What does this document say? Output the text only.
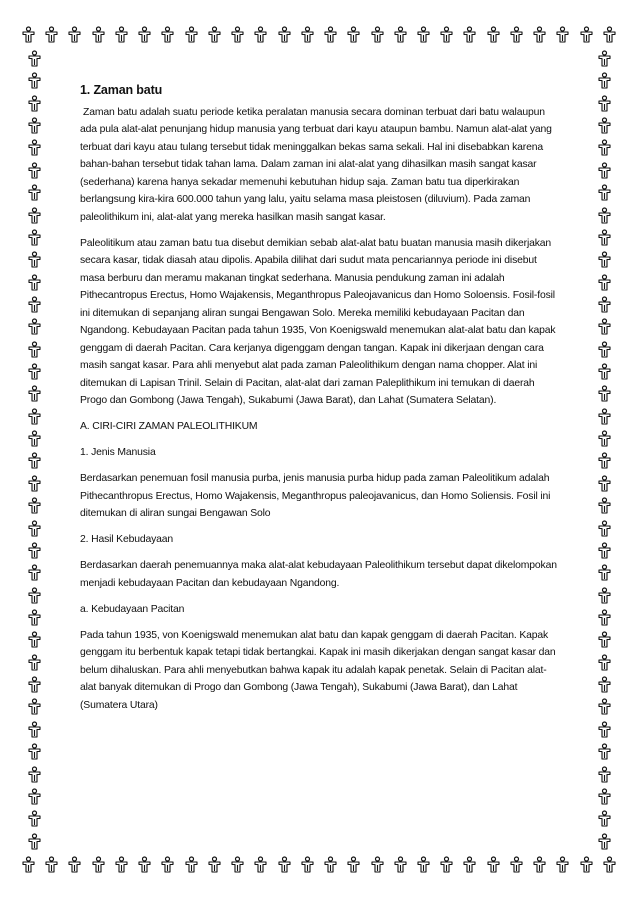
1. Zaman batu

Zaman batu adalah suatu periode ketika peralatan manusia secara dominan terbuat dari batu walaupun ada pula alat-alat penunjang hidup manusia yang terbuat dari kayu ataupun bambu. Namun alat-alat yang terbuat dari kayu atau tulang tersebut tidak meninggalkan bekas sama sekali. Hal ini disebabkan karena bahan-bahan tersebut tidak tahan lama. Dalam zaman ini alat-alat yang dihasilkan masih sangat kasar (sederhana) karena hanya sekadar memenuhi kebutuhan hidup saja. Zaman batu tua diperkirakan berlangsung kira-kira 600.000 tahun yang lalu, yaitu selama masa pleistosen (diluvium). Pada zaman paleolithikum ini, alat-alat yang mereka hasilkan masih sangat kasar.

Paleolitikum atau zaman batu tua disebut demikian sebab alat-alat batu buatan manusia masih dikerjakan secara kasar, tidak diasah atau dipolis. Apabila dilihat dari sudut mata pencariannya periode ini disebut masa berburu dan meramu makanan tingkat sederhana. Manusia pendukung zaman ini adalah Pithecantropus Erectus, Homo Wajakensis, Meganthropus Paleojavanicus dan Homo Soloensis. Fosil-fosil ini ditemukan di sepanjang aliran sungai Bengawan Solo. Mereka memiliki kebudayaan Pacitan dan Ngandong. Kebudayaan Pacitan pada tahun 1935, Von Koenigswald menemukan alat-alat batu dan kapak genggam di daerah Pacitan. Cara kerjanya digenggam dengan tangan. Kapak ini dikerjaan dengan cara masih sangat kasar. Para ahli menyebut alat pada zaman Paleolithikum dengan nama chopper. Alat ini ditemukan di Lapisan Trinil. Selain di Pacitan, alat-alat dari zaman Paleplithikum ini temukan di daerah Progo dan Gombong (Jawa Tengah), Sukabumi (Jawa Barat), dan Lahat (Sumatera Selatan).

A. CIRI-CIRI ZAMAN PALEOLITHIKUM

1. Jenis Manusia

Berdasarkan penemuan fosil manusia purba, jenis manusia purba hidup pada zaman Paleolitikum adalah Pithecanthropus Erectus, Homo Wajakensis, Meganthropus paleojavanicus, dan Homo Soliensis. Fosil ini ditemukan di aliran sungai Bengawan Solo

2. Hasil Kebudayaan

Berdasarkan daerah penemuannya maka alat-alat kebudayaan Paleolithikum tersebut dapat dikelompokan menjadi kebudayaan Pacitan dan kebudayaan Ngandong.

a. Kebudayaan Pacitan

Pada tahun 1935, von Koenigswald menemukan alat batu dan kapak genggam di daerah Pacitan. Kapak genggam itu berbentuk kapak tetapi tidak bertangkai. Kapak ini masih dikerjakan dengan sangat kasar dan belum dihaluskan. Para ahli menyebutkan bahwa kapak itu adalah kapak penetak. Selain di Pacitan alat-alat banyak ditemukan di Progo dan Gombong (Jawa Tengah), Sukabumi (Jawa Barat), dan Lahat (Sumatera Utara)
